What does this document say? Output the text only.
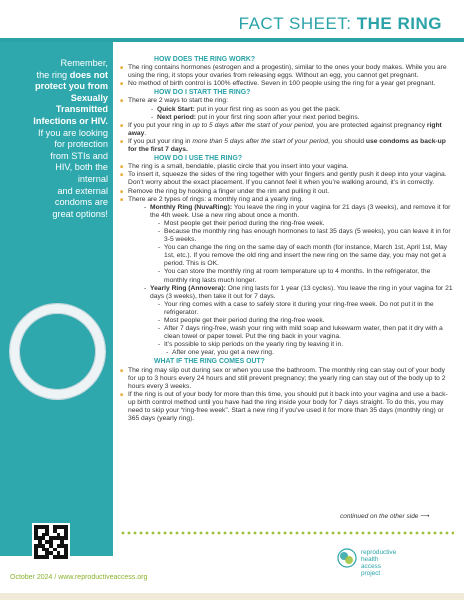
FACT SHEET: THE RING
Remember,
the ring does not
protect you from
Sexually
Transmitted
Infections or HIV.
If you are looking
for protection
from STIs and
HIV, both the
internal
and external
condoms are
great options!
HOW DOES THE RING WORK?
■ The ring contains hormones (estrogen and a progestin), similar to the ones your body makes. While you are using the ring, it stops your ovaries from releasing eggs. Without an egg, you cannot get pregnant.
■ No method of birth control is 100% effective. Seven in 100 people using the ring for a year get pregnant.
HOW DO I START THE RING?
■ There are 2 ways to start the ring:
- Quick Start: put in your first ring as soon as you get the pack.
- Next period: put in your first ring soon after your next period begins.
■ If you put your ring in up to 5 days after the start of your period, you are protected against pregnancy right away.
■ If you put your ring in more than 5 days after the start of your period, you should use condoms as back-up for the first 7 days.
HOW DO I USE THE RING?
■ The ring is a small, bendable, plastic circle that you insert into your vagina.
■ To insert it, squeeze the sides of the ring together with your fingers and gently push it deep into your vagina. Don’t worry about the exact placement. If you cannot feel it when you’re walking around, it’s in correctly.
■ Remove the ring by hooking a finger under the rim and pulling it out.
■ There are 2 types of rings: a monthly ring and a yearly ring.
- Monthly Ring (NuvaRing): You leave the ring in your vagina for 21 days (3 weeks), and remove it for the 4th week. Use a new ring about once a month.
- Most people get their period during the ring-free week.
- Because the monthly ring has enough hormones to last 35 days (5 weeks), you can leave it in for 3-5 weeks.
- You can change the ring on the same day of each month (for instance, March 1st, April 1st, May 1st, etc.). If you remove the old ring and insert the new ring on the same day, you may not get a period. This is OK.
- You can store the monthly ring at room temperature up to 4 months. In the refrigerator, the monthly ring lasts much longer.
- Yearly Ring (Annovera): One ring lasts for 1 year (13 cycles). You leave the ring in your vagina for 21 days (3 weeks), then take it out for 7 days.
- Your ring comes with a case to safely store it during your ring-free week. Do not put it in the refrigerator.
- Most people get their period during the ring-free week.
- After 7 days ring-free, wash your ring with mild soap and lukewarm water, then pat it dry with a clean towel or paper towel. Put the ring back in your vagina.
- It’s possible to skip periods on the yearly ring by leaving it in.
- After one year, you get a new ring.
WHAT IF THE RING COMES OUT?
■ The ring may slip out during sex or when you use the bathroom. The monthly ring can stay out of your body for up to 3 hours every 24 hours and still prevent pregnancy; the yearly ring can stay out of the body up to 2 hours every 3 weeks.
■ If the ring is out of your body for more than this time, you should put it back into your vagina and use a back-up birth control method until you have had the ring inside your body for 7 days straight. To do this, you may need to skip your “ring-free week”. Start a new ring if you’ve used it for more than 35 days (monthly ring) or 365 days (yearly ring).
continued on the other side ⟶
October 2024 / www.reproductiveaccess.org
reproductive
health
access
project
